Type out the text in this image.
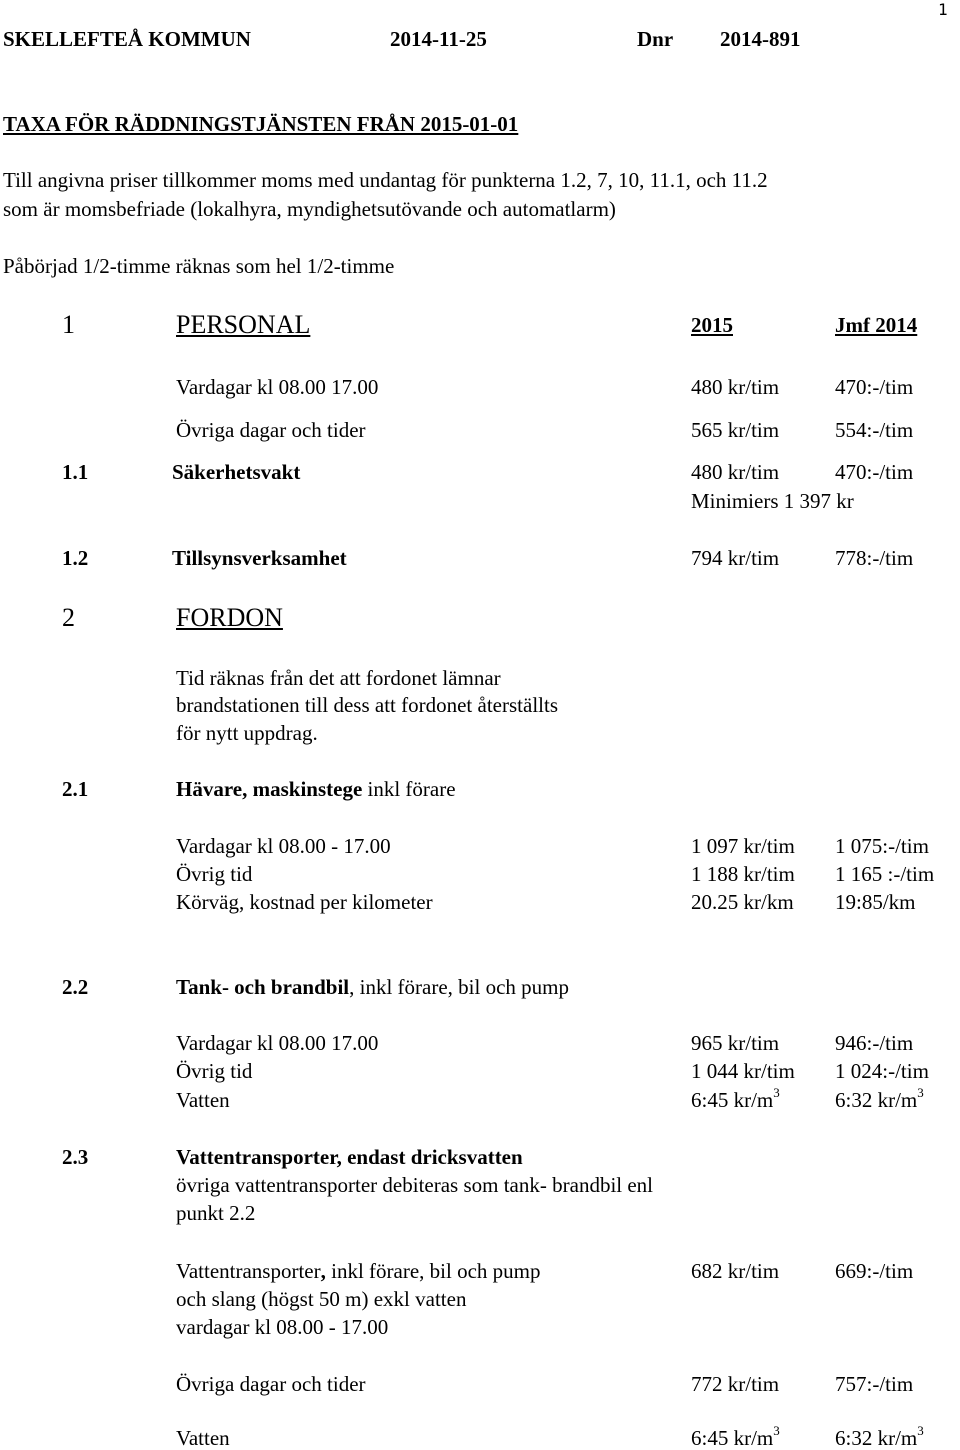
1
SKELLEFTEÅ KOMMUN	2014-11-25	Dnr 2014-891
TAXA FÖR RÄDDNINGSTJÄNSTEN FRÅN 2015-01-01
Till angivna priser tillkommer moms med undantag för punkterna 1.2, 7, 10, 11.1, och 11.2
som är momsbefriade (lokalhyra, myndighetsutövande och automatlarm)
Påbörjad 1/2-timme räknas som hel 1/2-timme
1	PERSONAL	2015	Jmf 2014
Vardagar kl 08.00 17.00	480 kr/tim	470:-/tim
Övriga dagar och tider	565 kr/tim	554:-/tim
1.1	Säkerhetsvakt	480 kr/tim	470:-/tim
Minimiers 1 397 kr
1.2	Tillsynsverksamhet	794 kr/tim	778:-/tim
2	FORDON
Tid räknas från det att fordonet lämnar
brandstationen till dess att fordonet återställts
för nytt uppdrag.
2.1	Hävare, maskinstege inkl förare
Vardagar kl 08.00 - 17.00	1 097 kr/tim 1 075:-/tim
Övrig tid	1 188 kr/tim 1 165 :-/tim
Körväg, kostnad per kilometer	20.25 kr/km 19:85/km
2.2	Tank- och brandbil, inkl förare, bil och pump
Vardagar kl 08.00 17.00	965 kr/tim	946:-/tim
Övrig tid	1 044 kr/tim 1 024:-/tim
Vatten	6:45 $kr/m^3$	6:32 $kr/m^3$
2.3	Vattentransporter, endast dricksvatten
övriga vattentransporter debiteras som tank- brandbil enl
punkt 2.2
Vattentransporter, inkl förare, bil och pump
och slang (högst 50 m) exkl vatten
vardagar kl 08.00 - 17.00
682 kr/tim	669:-/tim
Övriga dagar och tider	772 kr/tim	757:-/tim
Vatten	6:45 $kr/m^3$	6:32 $kr/m^3$
